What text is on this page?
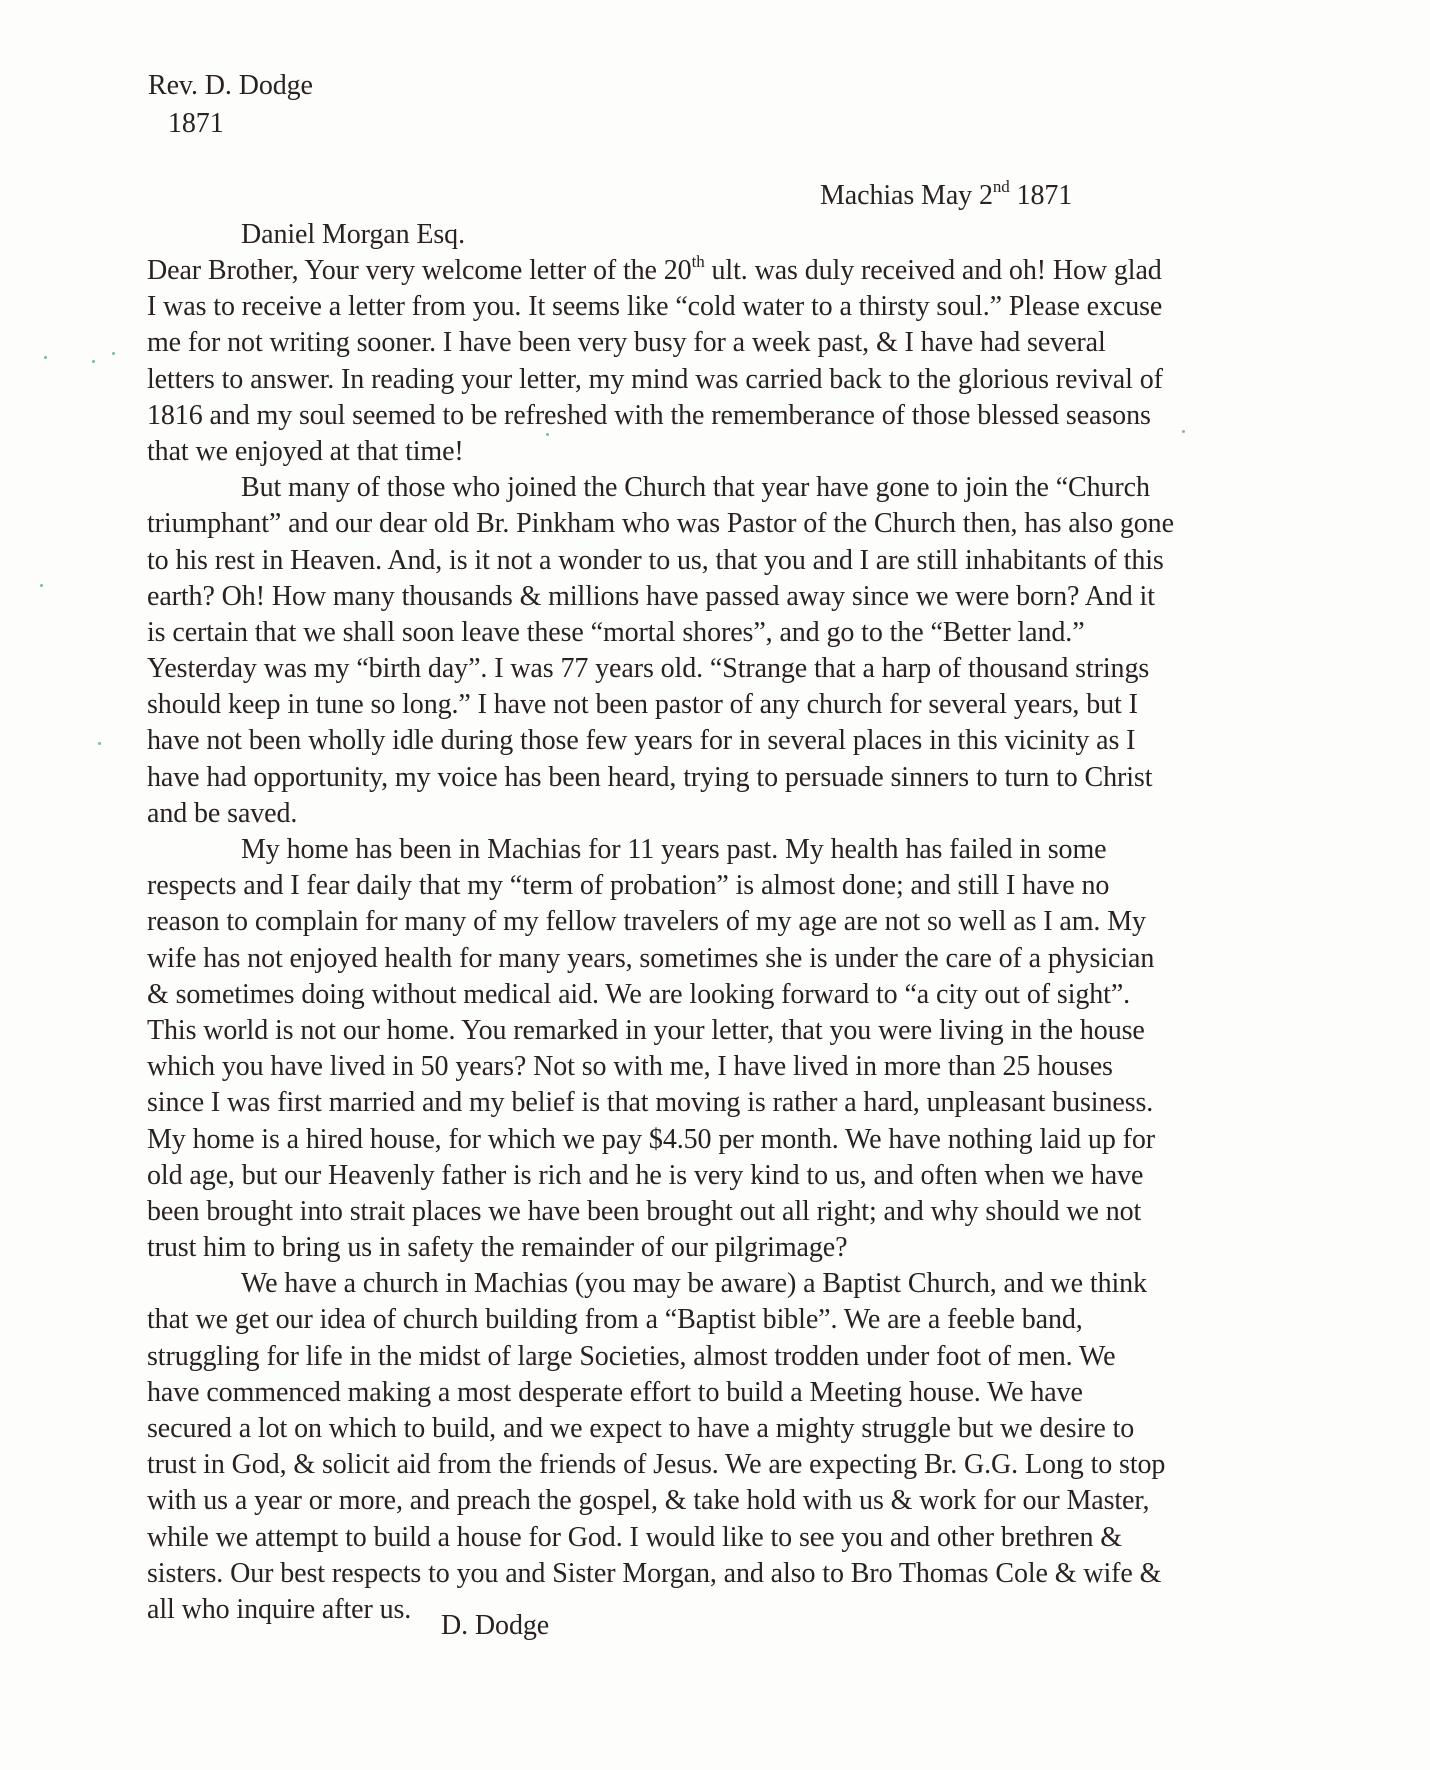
Rev. D. Dodge
1871
Machias May 2nd 1871
Daniel Morgan Esq.
Dear Brother, Your very welcome letter of the 20th ult. was duly received and oh! How glad
I was to receive a letter from you. It seems like “cold water to a thirsty soul.” Please excuse
me for not writing sooner. I have been very busy for a week past, & I have had several
letters to answer. In reading your letter, my mind was carried back to the glorious revival of
1816 and my soul seemed to be refreshed with the rememberance of those blessed seasons
that we enjoyed at that time!
But many of those who joined the Church that year have gone to join the “Church
triumphant” and our dear old Br. Pinkham who was Pastor of the Church then, has also gone
to his rest in Heaven. And, is it not a wonder to us, that you and I are still inhabitants of this
earth? Oh! How many thousands & millions have passed away since we were born? And it
is certain that we shall soon leave these “mortal shores”, and go to the “Better land.”
Yesterday was my “birth day”. I was 77 years old. “Strange that a harp of thousand strings
should keep in tune so long.” I have not been pastor of any church for several years, but I
have not been wholly idle during those few years for in several places in this vicinity as I
have had opportunity, my voice has been heard, trying to persuade sinners to turn to Christ
and be saved.
My home has been in Machias for 11 years past. My health has failed in some
respects and I fear daily that my “term of probation” is almost done; and still I have no
reason to complain for many of my fellow travelers of my age are not so well as I am. My
wife has not enjoyed health for many years, sometimes she is under the care of a physician
& sometimes doing without medical aid. We are looking forward to “a city out of sight”.
This world is not our home. You remarked in your letter, that you were living in the house
which you have lived in 50 years? Not so with me, I have lived in more than 25 houses
since I was first married and my belief is that moving is rather a hard, unpleasant business.
My home is a hired house, for which we pay $4.50 per month. We have nothing laid up for
old age, but our Heavenly father is rich and he is very kind to us, and often when we have
been brought into strait places we have been brought out all right; and why should we not
trust him to bring us in safety the remainder of our pilgrimage?
We have a church in Machias (you may be aware) a Baptist Church, and we think
that we get our idea of church building from a “Baptist bible”. We are a feeble band,
struggling for life in the midst of large Societies, almost trodden under foot of men. We
have commenced making a most desperate effort to build a Meeting house. We have
secured a lot on which to build, and we expect to have a mighty struggle but we desire to
trust in God, & solicit aid from the friends of Jesus. We are expecting Br. G.G. Long to stop
with us a year or more, and preach the gospel, & take hold with us & work for our Master,
while we attempt to build a house for God. I would like to see you and other brethren &
sisters. Our best respects to you and Sister Morgan, and also to Bro Thomas Cole & wife &
all who inquire after us.
D. Dodge
